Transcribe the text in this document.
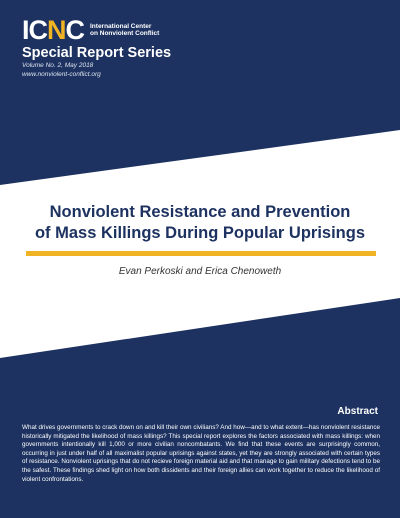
ICNC International Center
on Nonviolent Conflict
Special Report Series
Volume No. 2, May 2018
www.nonviolent-conflict.org
Nonviolent Resistance and Prevention
of Mass Killings During Popular Uprisings
Evan Perkoski and Erica Chenoweth
Abstract
What drives governments to crack down on and kill their own civilians? And how—and to what extent—has nonviolent resistance historically mitigated the likelihood of mass killings? This special report explores the factors associated with mass killings: when governments intentionally kill 1,000 or more civilian noncombatants. We find that these events are surprisingly common, occurring in just under half of all maximalist popular uprisings against states, yet they are strongly associated with certain types of resistance. Nonviolent uprisings that do not recieve foreign material aid and that manage to gain military defections tend to be the safest. These findings shed light on how both dissidents and their foreign allies can work together to reduce the likelihood of violent confrontations.
